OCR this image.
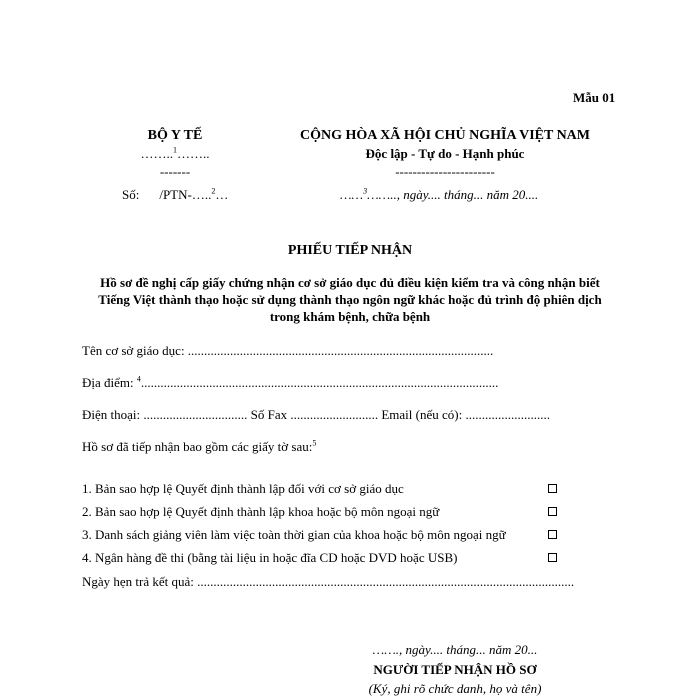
Mẫu 01
BỘ Y TẾ
……..$^1$……..
-------
Số: /PTN-…..$^2$…
CỘNG HÒA XÃ HỘI CHỦ NGHĨA VIỆT NAM
Độc lập - Tự do - Hạnh phúc
-----------------------
……$^3$…….., ngày.... tháng... năm 20....
PHIẾU TIẾP NHẬN
Hồ sơ đề nghị cấp giấy chứng nhận cơ sở giáo dục đủ điều kiện kiểm tra và công nhận biết
Tiếng Việt thành thạo hoặc sử dụng thành thạo ngôn ngữ khác hoặc đủ trình độ phiên dịch
trong khám bệnh, chữa bệnh
Tên cơ sở giáo dục: ..............................................................................................
Địa điểm: $^4$..............................................................................................................
Điện thoại: ................................ Số Fax ........................... Email (nếu có): ..........................
Hồ sơ đã tiếp nhận bao gồm các giấy tờ sau:$^5$
1. Bản sao hợp lệ Quyết định thành lập đối với cơ sở giáo dục
2. Bản sao hợp lệ Quyết định thành lập khoa hoặc bộ môn ngoại ngữ
3. Danh sách giảng viên làm việc toàn thời gian của khoa hoặc bộ môn ngoại ngữ
4. Ngân hàng đề thi (bằng tài liệu in hoặc đĩa CD hoặc DVD hoặc USB)
Ngày hẹn trả kết quả: ....................................................................................................................
……., ngày.... tháng... năm 20...
NGƯỜI TIẾP NHẬN HỒ SƠ
(Ký, ghi rõ chức danh, họ và tên)
